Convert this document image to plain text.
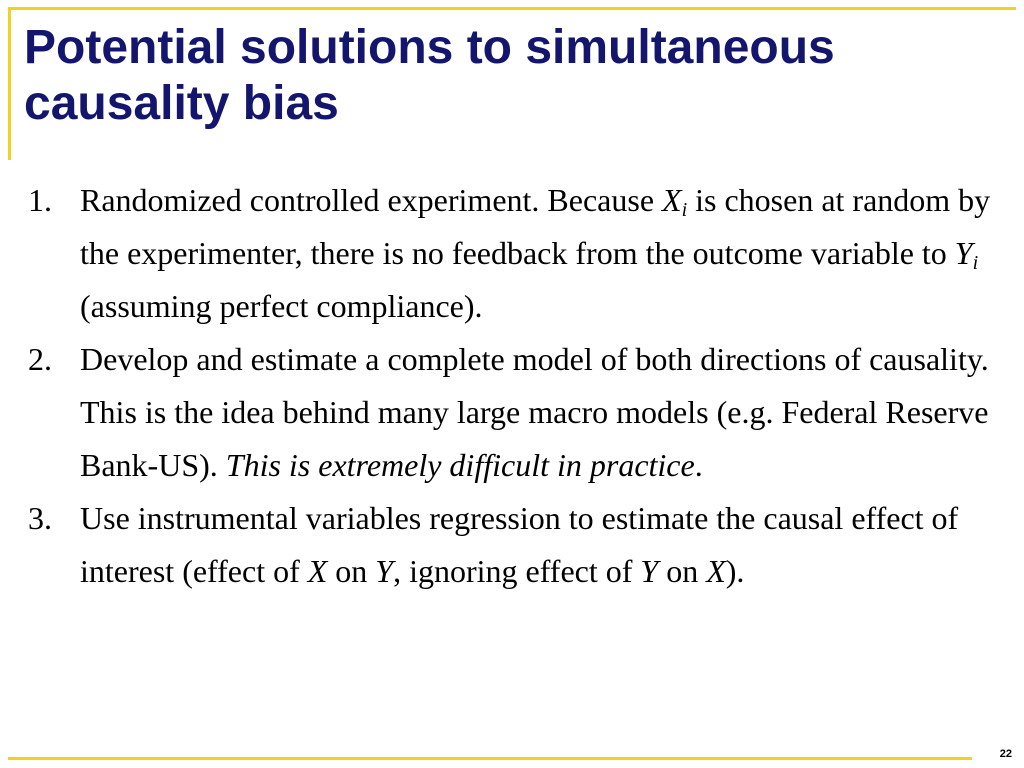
Potential solutions to simultaneous causality bias
1. Randomized controlled experiment. Because $X_i$ is chosen at random by the experimenter, there is no feedback from the outcome variable to $Y_i$ (assuming perfect compliance).
2. Develop and estimate a complete model of both directions of causality. This is the idea behind many large macro models (e.g. Federal Reserve Bank-US). This is extremely difficult in practice.
3. Use instrumental variables regression to estimate the causal effect of interest (effect of X on Y, ignoring effect of Y on X).
22
